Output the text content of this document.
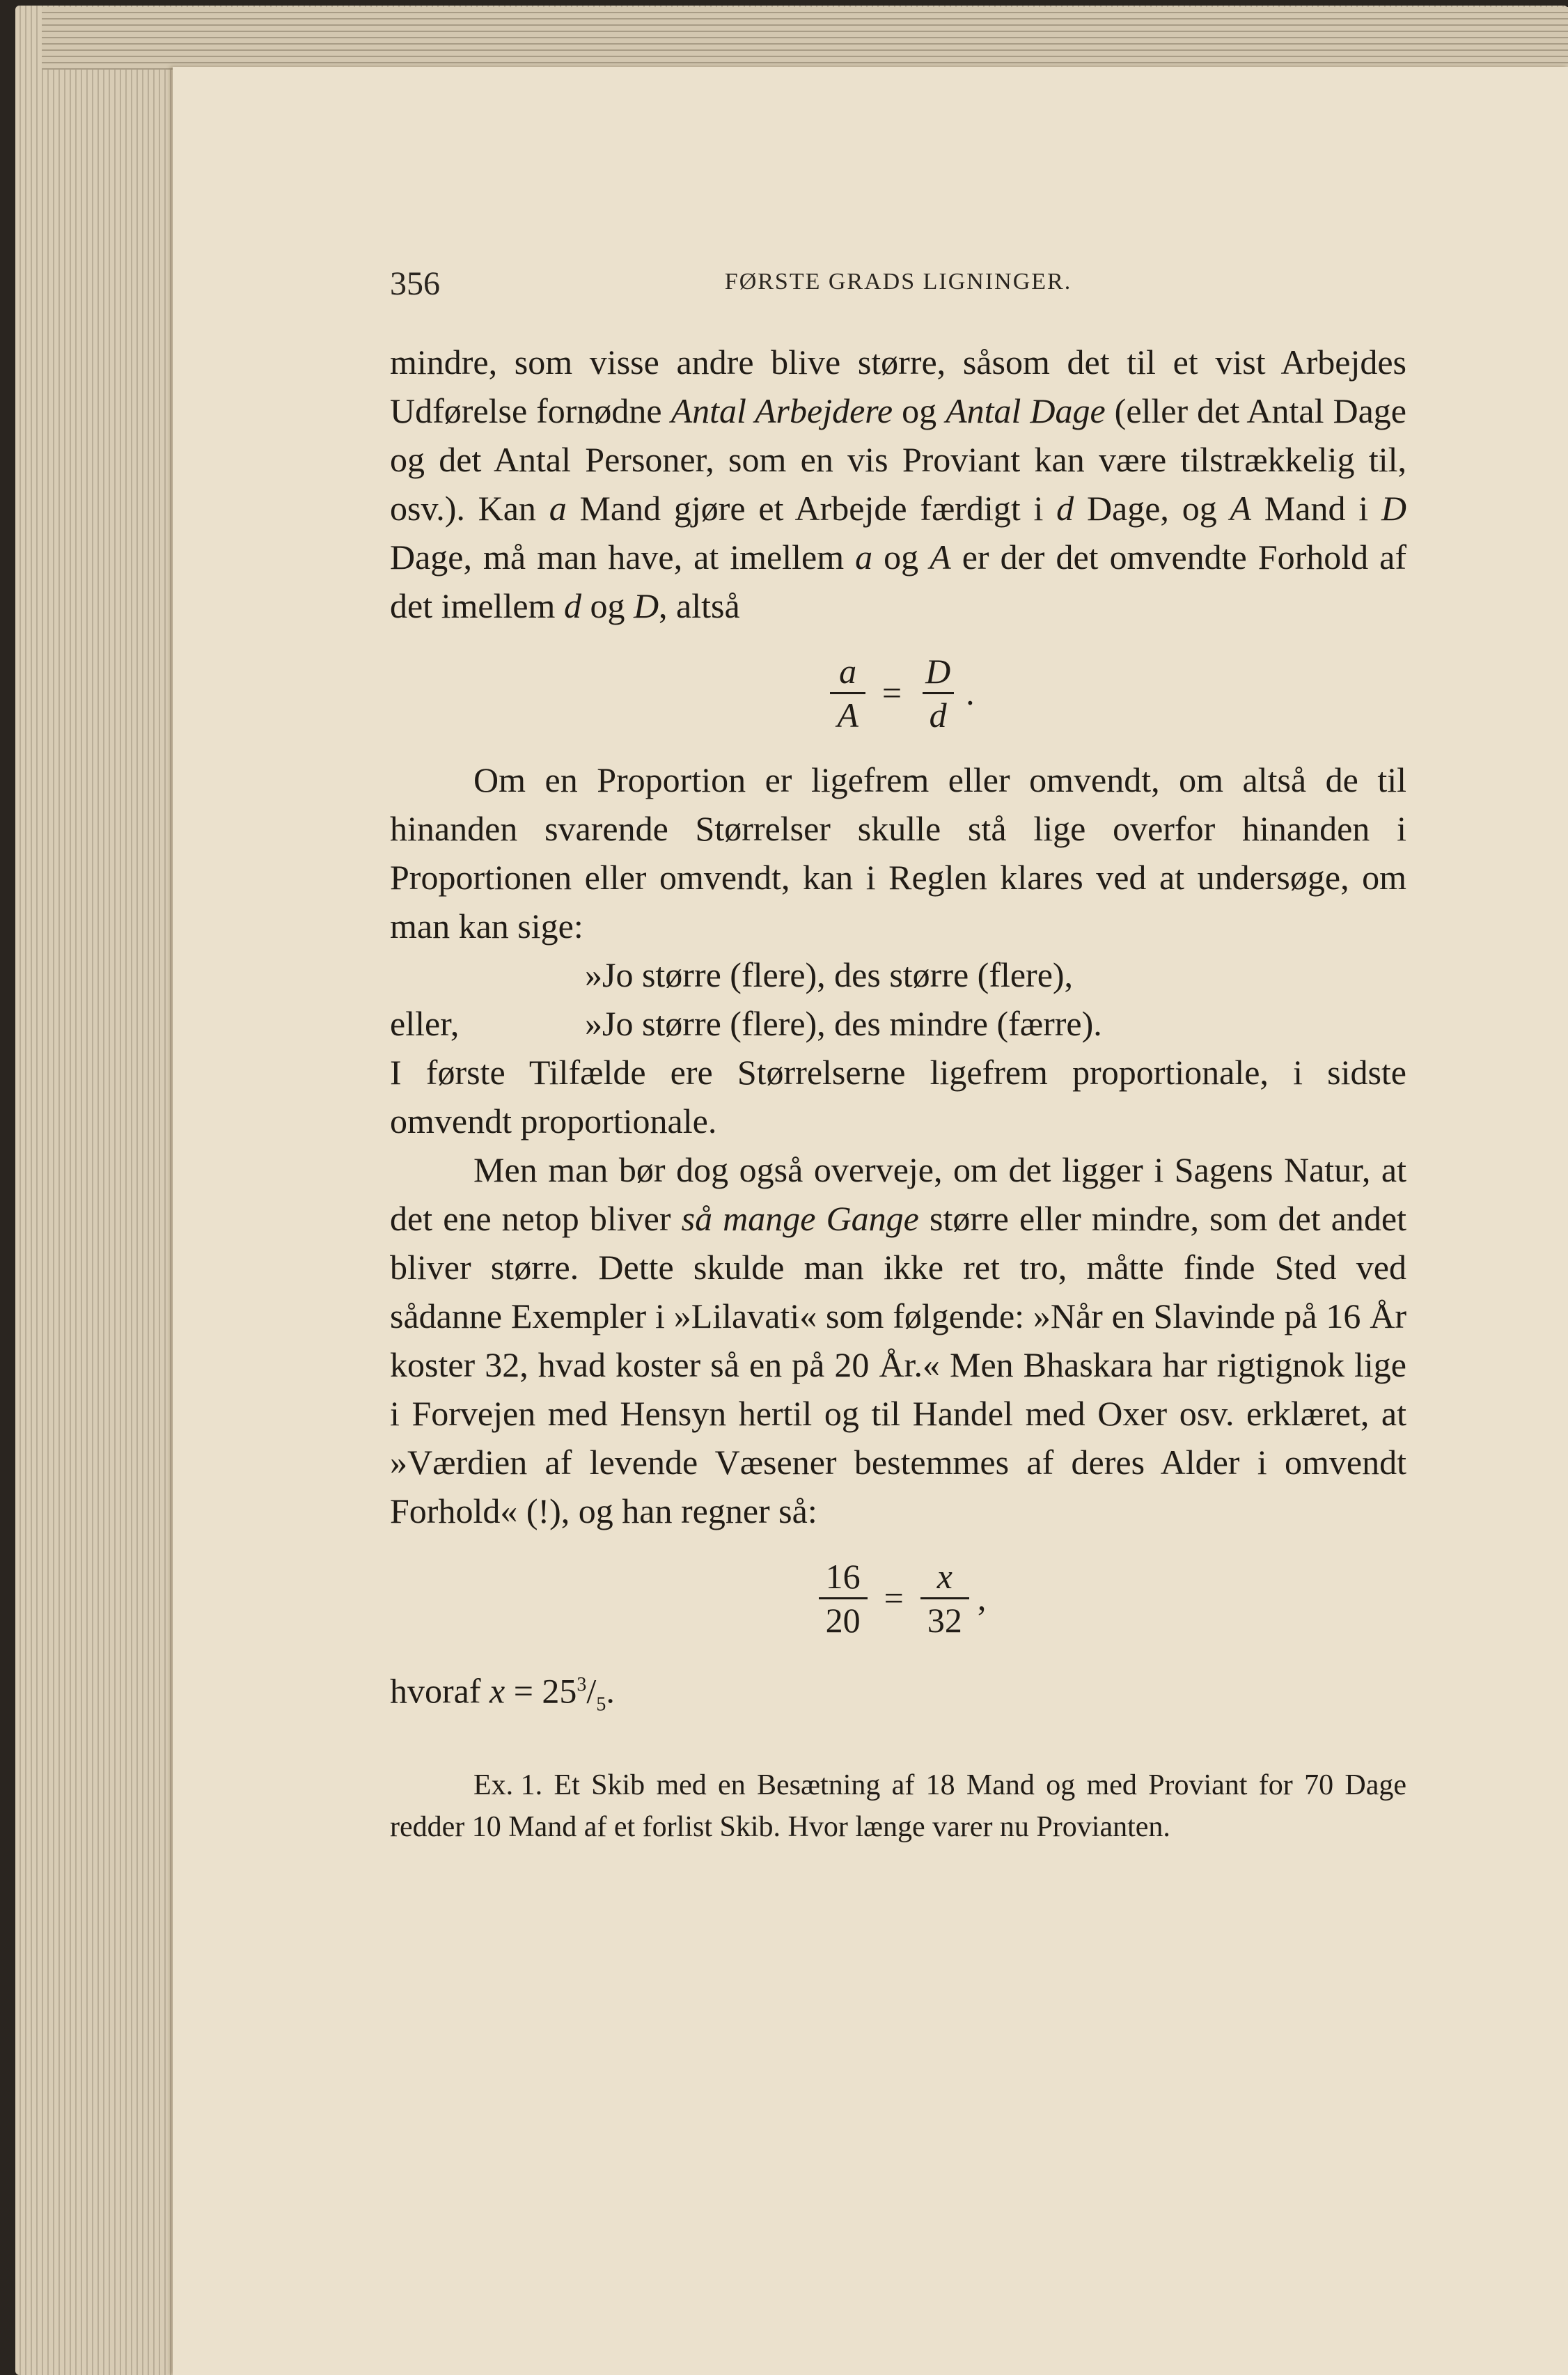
356	FØRSTE GRADS LIGNINGER.

mindre, som visse andre blive større, såsom det til et vist Arbejdes Udførelse fornødne Antal Arbejdere og Antal Dage (eller det Antal Dage og det Antal Personer, som en vis Proviant kan være tilstrækkelig til, osv.). Kan a Mand gjøre et Arbejde færdigt i d Dage, og A Mand i D Dage, må man have, at imellem a og A er der det omvendte Forhold af det imellem d og D, altså

$\frac{a}{A} = \frac{D}{d}$ .

Om en Proportion er ligefrem eller omvendt, om altså de til hinanden svarende Størrelser skulle stå lige overfor hinanden i Proportionen eller omvendt, kan i Reglen klares ved at undersøge, om man kan sige:

»Jo større (flere), des større (flere),
eller,	»Jo større (flere), des mindre (færre).

I første Tilfælde ere Størrelserne ligefrem proportionale, i sidste omvendt proportionale.

Men man bør dog også overveje, om det ligger i Sagens Natur, at det ene netop bliver så mange Gange større eller mindre, som det andet bliver større. Dette skulde man ikke ret tro, måtte finde Sted ved sådanne Exempler i »Lilavati« som følgende: »Når en Slavinde på 16 År koster 32, hvad koster så en på 20 År.« Men Bhaskara har rigtignok lige i Forvejen med Hensyn hertil og til Handel med Oxer osv. erklæret, at »Værdien af levende Væsener bestemmes af deres Alder i omvendt Forhold« (!), og han regner så:

$\frac{16}{20} = \frac{x}{32}$ ,

hvoraf $x = 25^3/_5$.

Ex. 1. Et Skib med en Besætning af 18 Mand og med Proviant for 70 Dage redder 10 Mand af et forlist Skib. Hvor længe varer nu Provianten.
